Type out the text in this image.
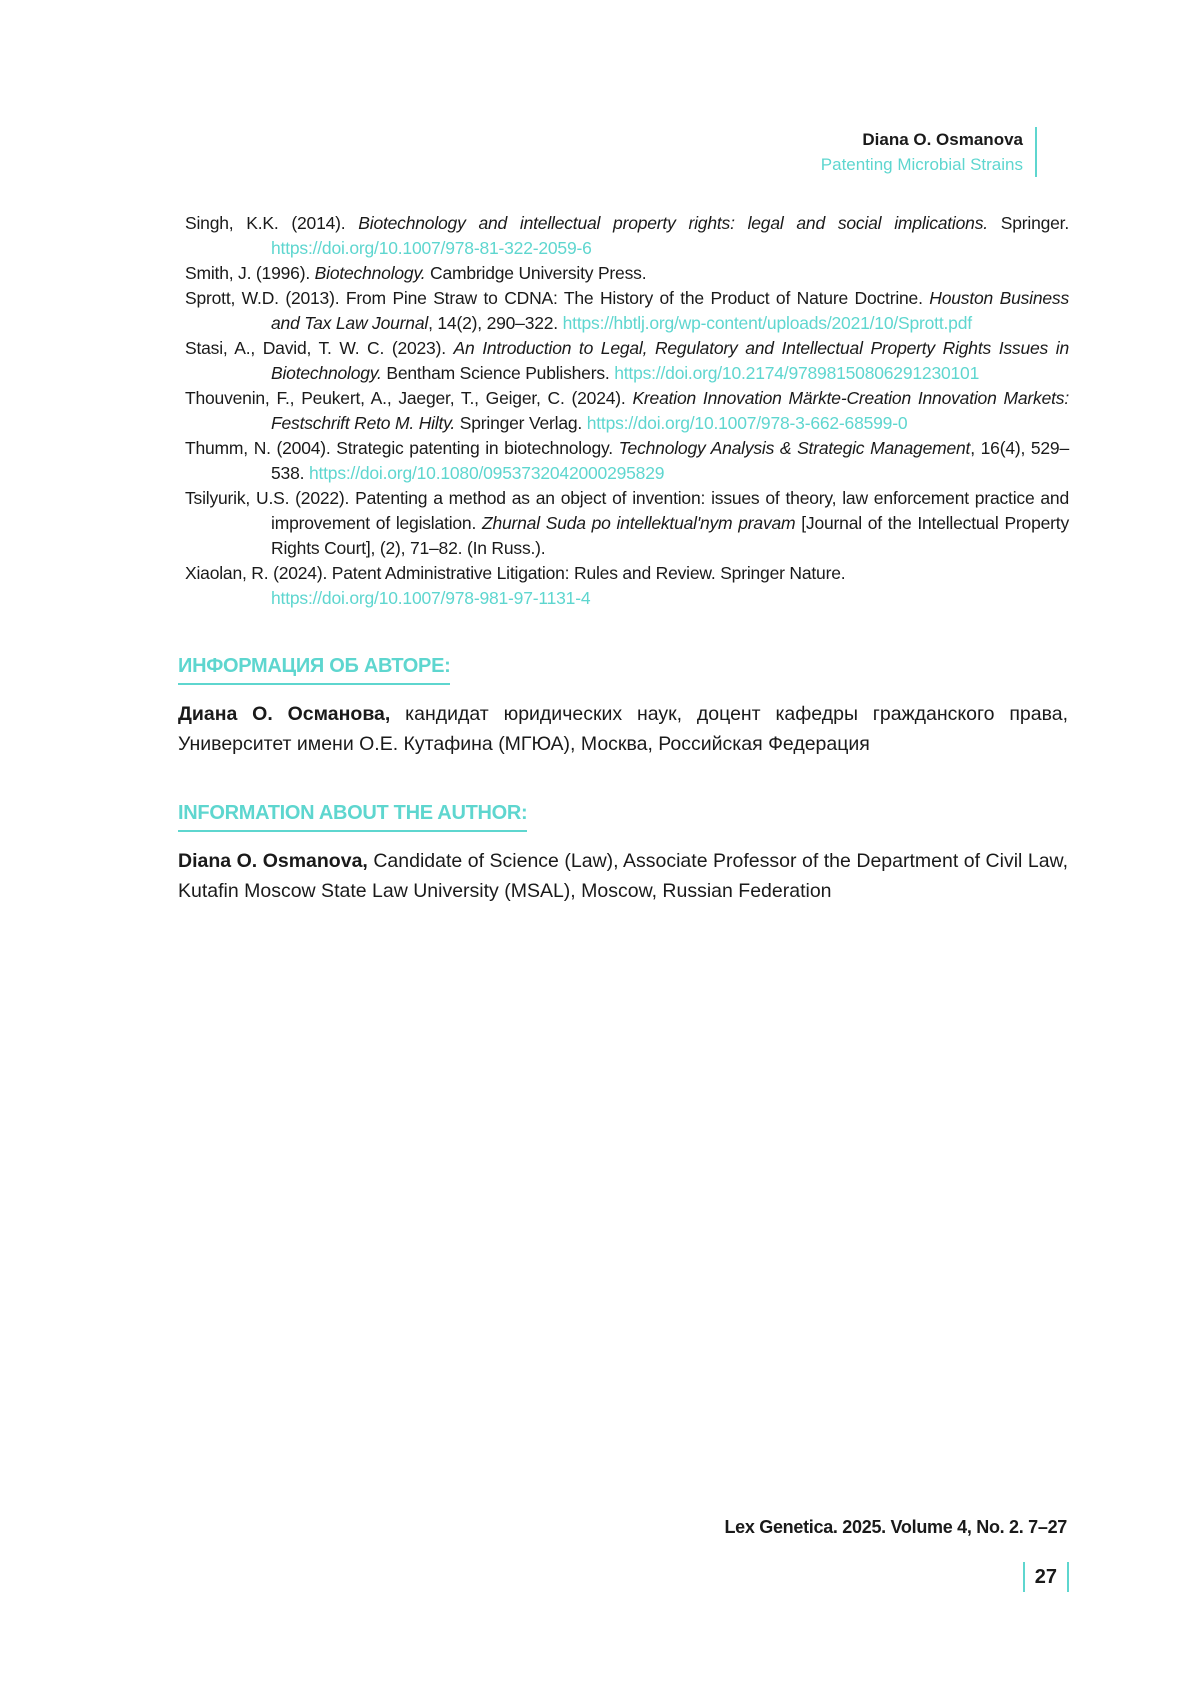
Diana O. Osmanova
Patenting Microbial Strains

Singh, K.K. (2014). Biotechnology and intellectual property rights: legal and social implications. Springer. https://doi.org/10.1007/978-81-322-2059-6

Smith, J. (1996). Biotechnology. Cambridge University Press.

Sprott, W.D. (2013). From Pine Straw to CDNA: The History of the Product of Nature Doctrine. Houston Business and Tax Law Journal, 14(2), 290–322. https://hbtlj.org/wp-content/uploads/2021/10/Sprott.pdf

Stasi, A., David, T. W. C. (2023). An Introduction to Legal, Regulatory and Intellectual Property Rights Issues in Biotechnology. Bentham Science Publishers. https://doi.org/10.2174/97898150806291230101

Thouvenin, F., Peukert, A., Jaeger, T., Geiger, C. (2024). Kreation Innovation Märkte-Creation Innovation Markets: Festschrift Reto M. Hilty. Springer Verlag. https://doi.org/10.1007/978-3-662-68599-0

Thumm, N. (2004). Strategic patenting in biotechnology. Technology Analysis & Strategic Management, 16(4), 529–538. https://doi.org/10.1080/0953732042000295829

Tsilyurik, U.S. (2022). Patenting a method as an object of invention: issues of theory, law enforcement practice and improvement of legislation. Zhurnal Suda po intellektual'nym pravam [Journal of the Intellectual Property Rights Court], (2), 71–82. (In Russ.).

Xiaolan, R. (2024). Patent Administrative Litigation: Rules and Review. Springer Nature.
https://doi.org/10.1007/978-981-97-1131-4

ИНФОРМАЦИЯ ОБ АВТОРЕ:
Диана О. Османова, кандидат юридических наук, доцент кафедры гражданского права, Университет имени О.Е. Кутафина (МГЮА), Москва, Российская Федерация
INFORMATION ABOUT THE AUTHOR:
Diana O. Osmanova, Candidate of Science (Law), Associate Professor of the Department of Civil Law, Kutafin Moscow State Law University (MSAL), Moscow, Russian Federation
Lex Genetica. 2025. Volume 4, No. 2. 7–27
27
